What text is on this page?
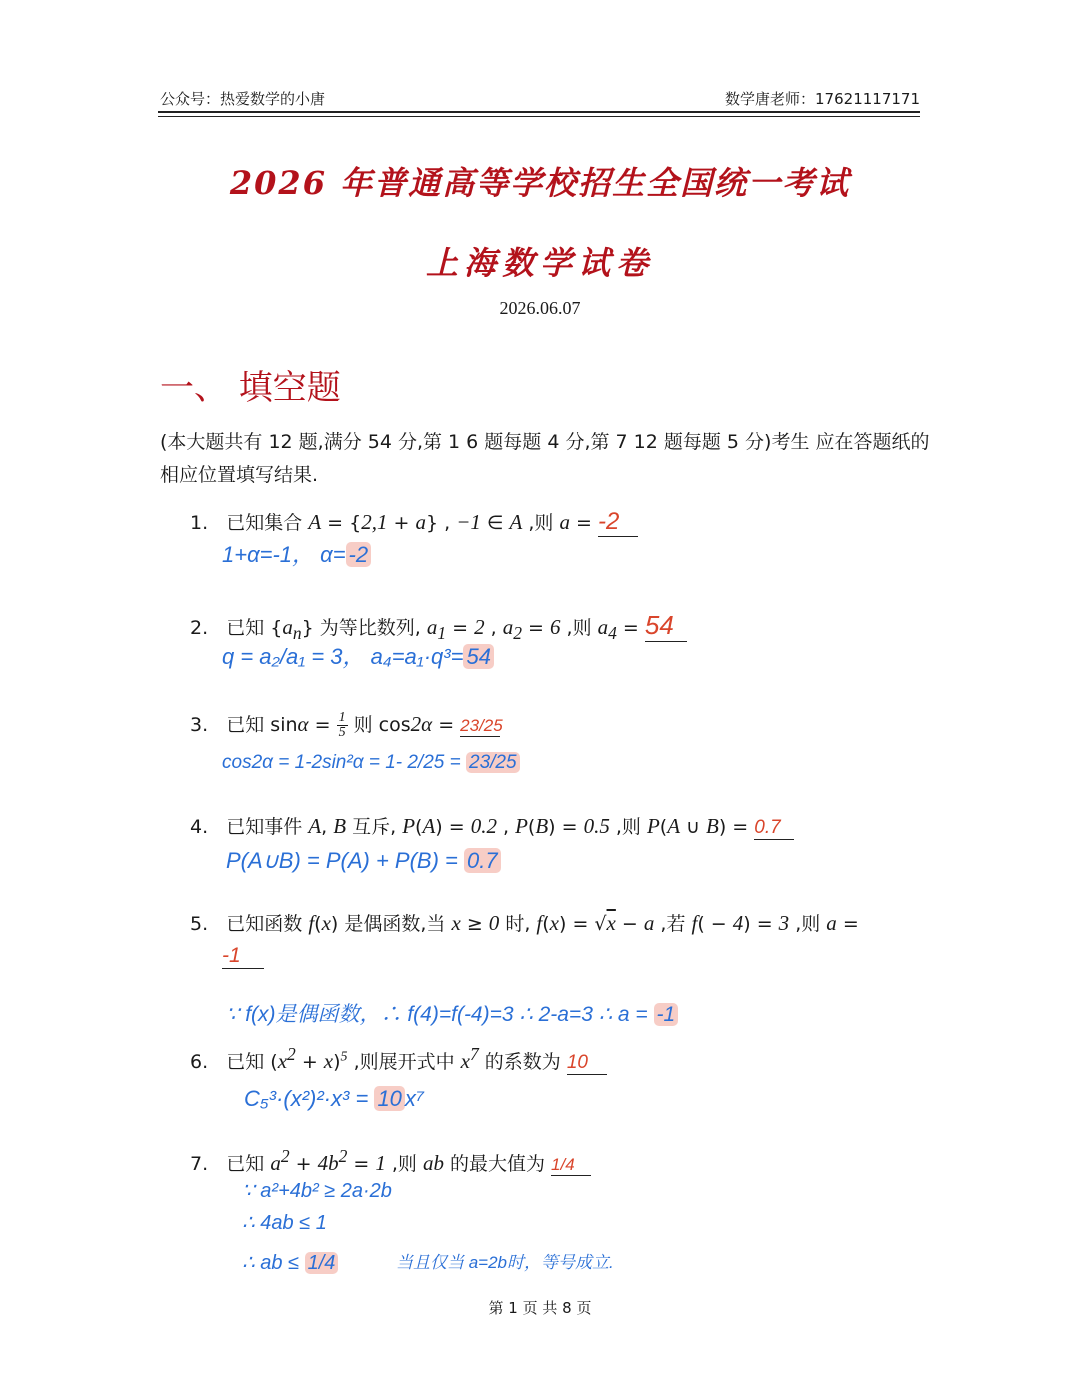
公众号：热爱数学的小唐	数学唐老师：17621117171
2026 年普通高等学校招生全国统一考试
上海数学试卷
2026.06.07
一、 填空题
(本大题共有 12 题,满分 54 分,第 1 6 题每题 4 分,第 7 12 题每题 5 分)考生 应在答题纸的相应位置填写结果.
1.   已知集合 A = {2,1 + a} , −1 ∈ A ,则 a = -2
1+α=-1， α= -2
2.   已知 $\{a_n\}$ 为等比数列, $a_1 = 2$ , $a_2 = 6$ ,则 $a_4 = 54$
q = a₂/a₁ = 3， a₄=a₁·q³= 54
3.   已知 $\sin\alpha = \frac{1}{5}$ 则 cos2α = 23/25
cos2α = 1-2sin²α = 1- 2/25 = 23/25
4.   已知事件 A, B 互斥, P(A) = 0.2 , P(B) = 0.5 ,则 P(A ∪ B) = 0.7
P(A∪B) = P(A) + P(B) = 0.7
5.   已知函数 f(x) 是偶函数,当 x ≥ 0 时, f(x) = √x − a ,若 f( − 4) = 3 ,则 a =
-1
∵ f(x)是偶函数，∴ f(4)=f(-4)=3 ∴ 2-a=3 ∴ a = -1
6.   已知 $(x^2 + x)^5$ ,则展开式中 $x^7$ 的系数为 10
C₅³·(x²)²·x³ = 10 x⁷
7.   已知 $a^2 + 4b^2 = 1$ ,则 ab 的最大值为 1/4
∵ a²+4b² ≥ 2a·2b
∴ 4ab ≤ 1
∴ ab ≤ 1/4	当且仅当 a=2b时，等号成立.
第 1 页 共 8 页
